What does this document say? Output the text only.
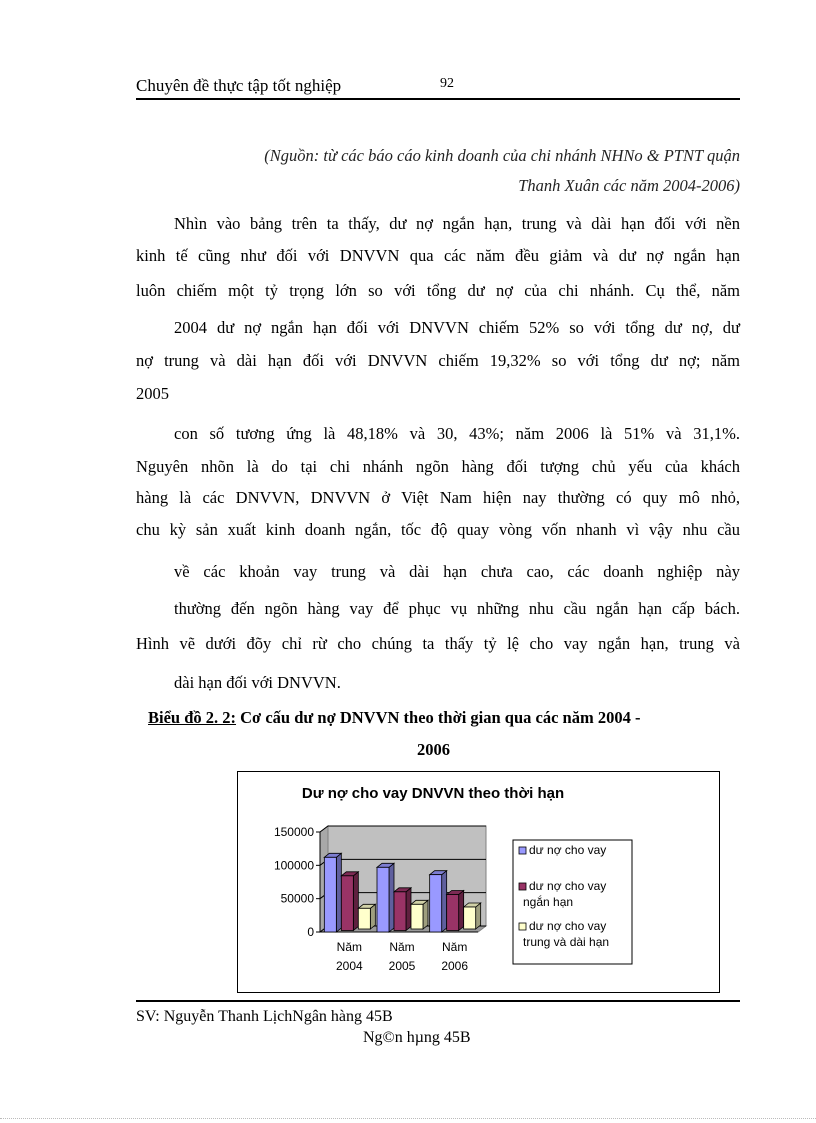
Chuyên đề thực tập tốt nghiệp	92
(Nguồn: từ các báo cáo kinh doanh của chi nhánh NHNo & PTNT quận
Thanh Xuân các năm 2004-2006)
Nhìn vào bảng trên ta thấy, dư nợ ngắn hạn, trung và dài hạn đối với nền
kinh tế cũng như đối với DNVVN qua các năm đều giảm và dư nợ ngắn hạn
luôn chiếm một tỷ trọng lớn so với tổng dư nợ của chi nhánh. Cụ thể, năm
2004 dư nợ ngắn hạn đối với DNVVN chiếm 52% so với tổng dư nợ, dư
nợ trung và dài hạn đối với DNVVN chiếm 19,32% so với tổng dư nợ; năm
2005
con số tương ứng là 48,18% và 30, 43%; năm 2006 là 51% và 31,1%.
Nguyên nhõn là do tại chi nhánh ngõn hàng đối tượng chủ yếu của khách
hàng là các DNVVN, DNVVN ở Việt Nam hiện nay thường có quy mô nhỏ,
chu kỳ sản xuất kinh doanh ngắn, tốc độ quay vòng vốn nhanh vì vậy nhu cầu
về các khoản vay trung và dài hạn chưa cao, các doanh nghiệp này
thường đến ngõn hàng vay để phục vụ những nhu cầu ngắn hạn cấp bách.
Hình vẽ dưới đõy chỉ rừ cho chúng ta thấy tỷ lệ cho vay ngắn hạn, trung và
dài hạn đối với DNVVN.
Biểu đồ 2. 2: Cơ cấu dư nợ DNVVN theo thời gian qua các năm 2004 -
2006
Dư nợ cho vay DNVVN theo thời hạn
0
50000
100000
150000
Năm
2004
Năm
2005
Năm
2006
dư nợ cho vay
dư nợ cho vay
ngắn hạn
dư nợ cho vay
trung và dài hạn
SV: Nguyễn Thanh LịchNgân hàng 45B
Ng©n hµng 45B
